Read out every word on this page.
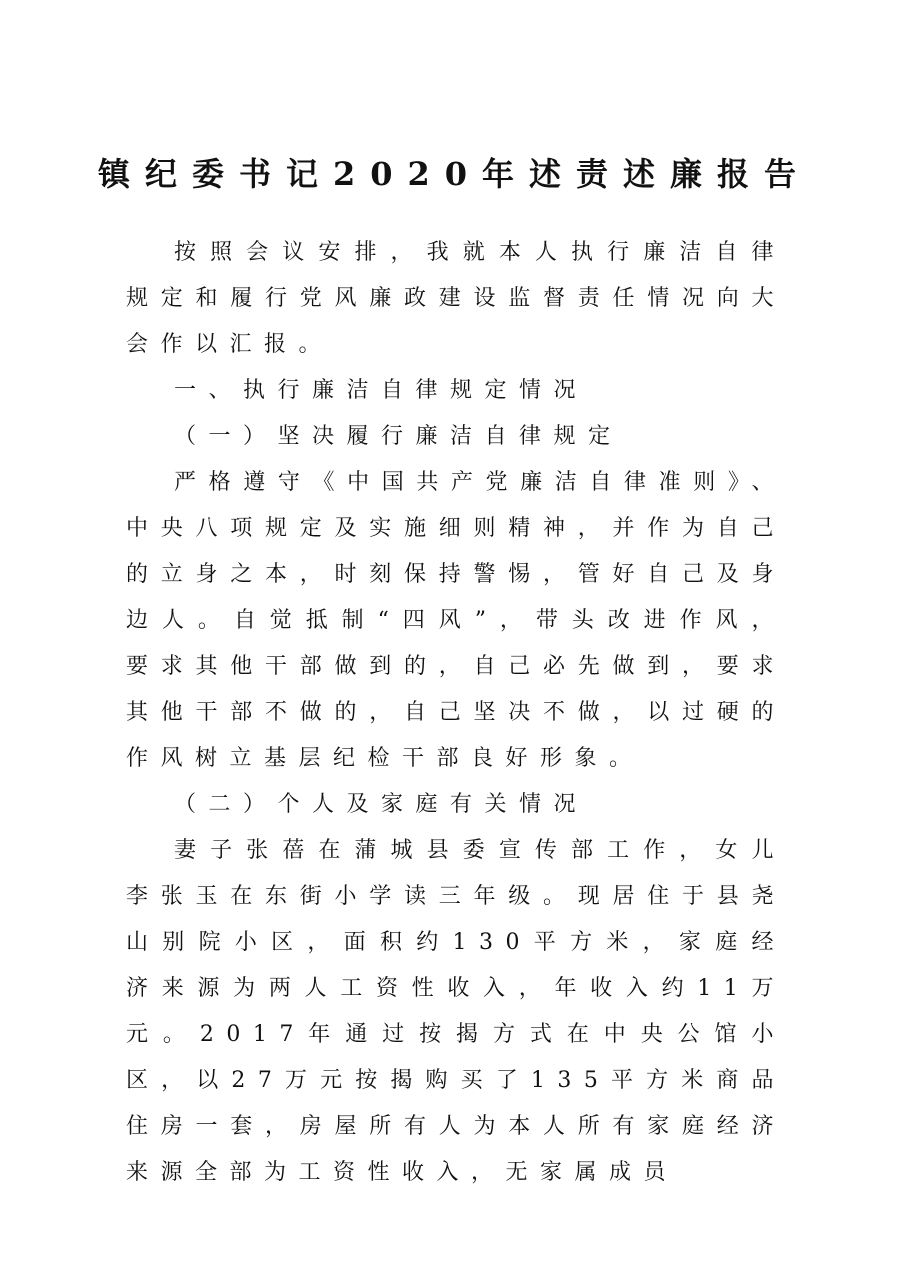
镇纪委书记2020年述责述廉报告

按照会议安排，我就本人执行廉洁自律规定和履行党风廉政建设监督责任情况向大会作以汇报。

一、执行廉洁自律规定情况

（一）坚决履行廉洁自律规定

严格遵守《中国共产党廉洁自律准则》、中央八项规定及实施细则精神，并作为自己的立身之本，时刻保持警惕，管好自己及身边人。自觉抵制“四风”，带头改进作风，要求其他干部做到的，自己必先做到，要求其他干部不做的，自己坚决不做，以过硬的作风树立基层纪检干部良好形象。

（二）个人及家庭有关情况

妻子张蓓在蒲城县委宣传部工作，女儿李张玉在东街小学读三年级。现居住于县尧山别院小区，面积约130平方米，家庭经济来源为两人工资性收入，年收入约11万元。2017年通过按揭方式在中央公馆小区，以27万元按揭购买了135平方米商品住房一套，房屋所有人为本人所有家庭经济来源全部为工资性收入，无家属成员
